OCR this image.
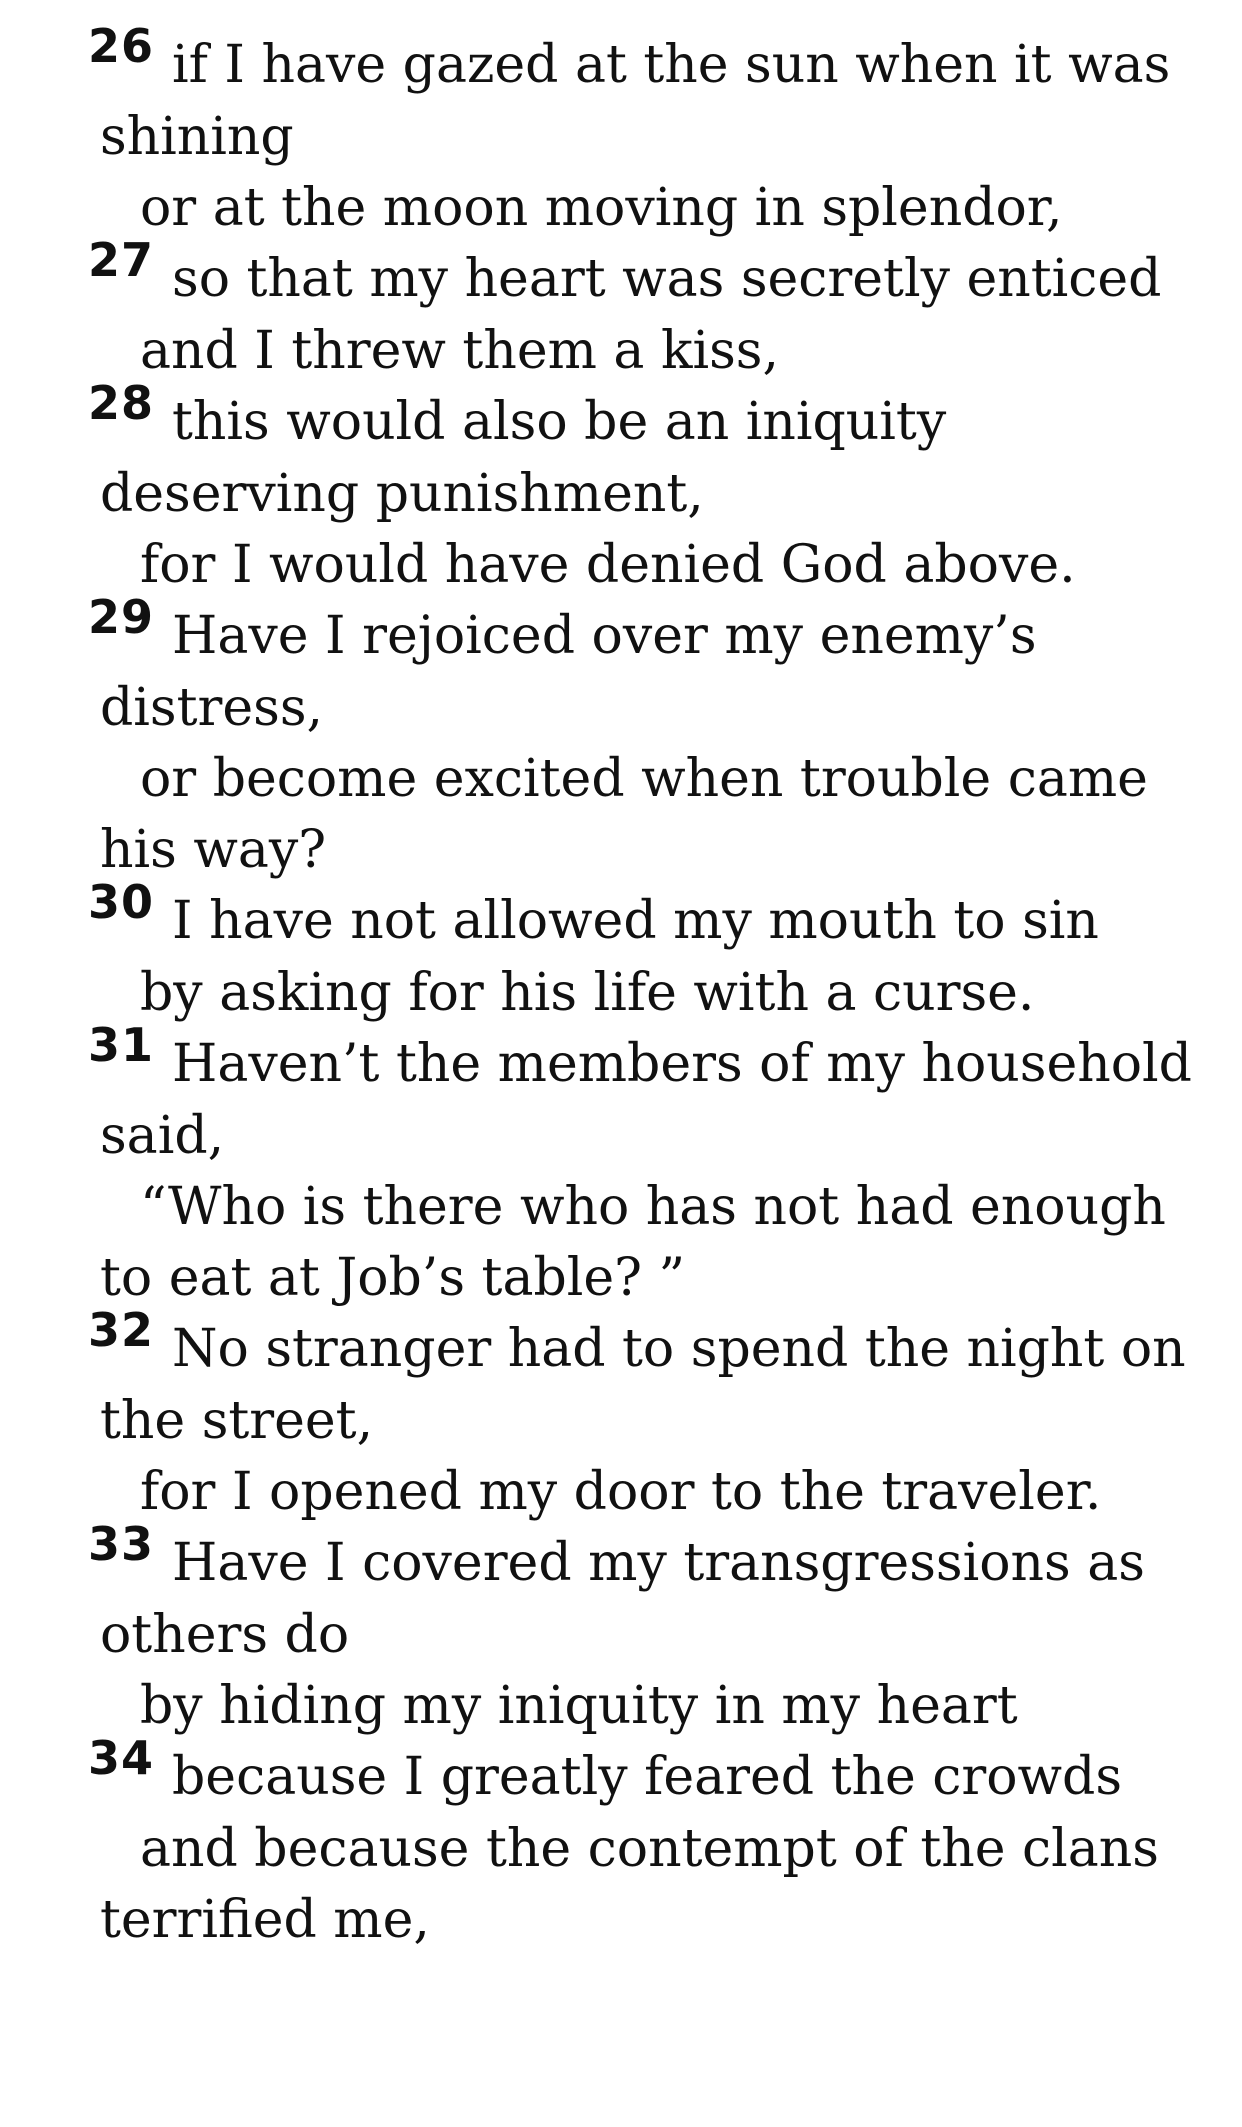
26 if I have gazed at the sun when it was shining
or at the moon moving in splendor,
27 so that my heart was secretly enticed
and I threw them a kiss,
28 this would also be an iniquity deserving punishment,
for I would have denied God above.
29 Have I rejoiced over my enemy’s distress,
or become excited when trouble came his way?
30 I have not allowed my mouth to sin
by asking for his life with a curse.
31 Haven’t the members of my household said,
“Who is there who has not had enough to eat at Job’s table? ”
32 No stranger had to spend the night on the street,
for I opened my door to the traveler.
33 Have I covered my transgressions as others do
by hiding my iniquity in my heart
34 because I greatly feared the crowds
and because the contempt of the clans terrified me,
